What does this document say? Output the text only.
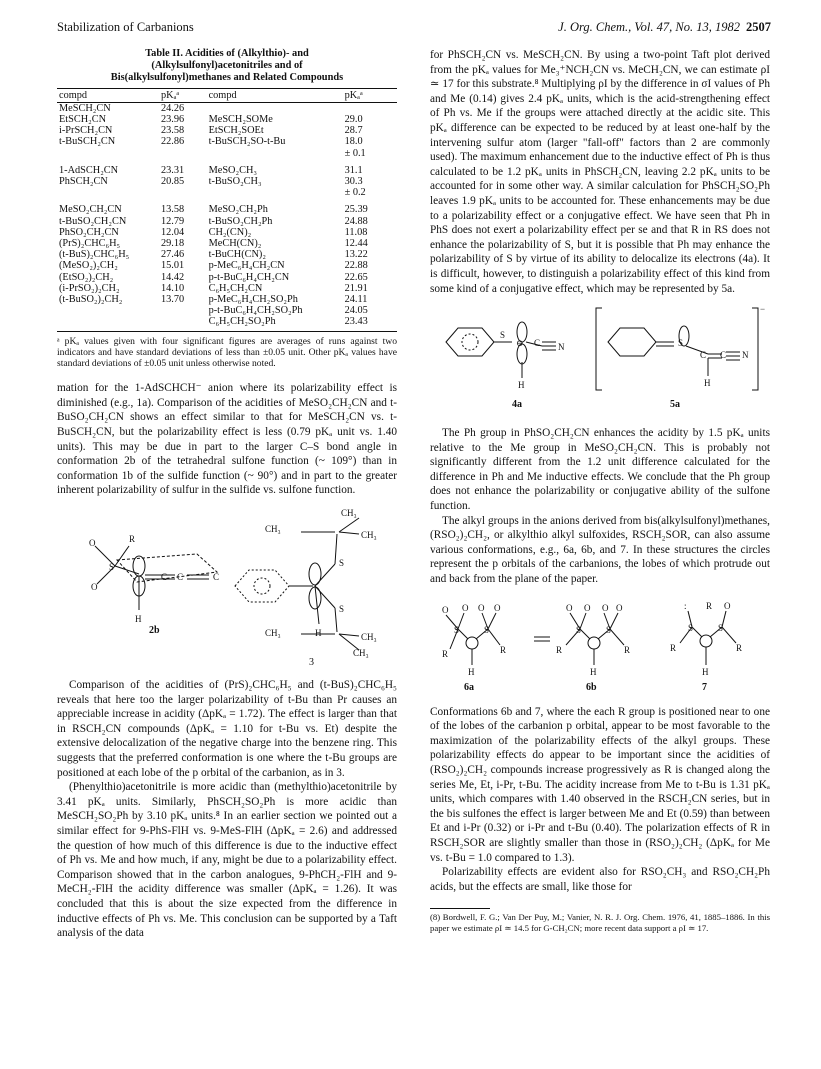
Stabilization of Carbanions	J. Org. Chem., Vol. 47, No. 13, 1982 2507
Table II. Acidities of (Alkylthio)- and
(Alkylsulfonyl)acetonitriles and of
Bis(alkylsulfonyl)methanes and Related Compounds
compd	pKₐᵃ	compd	pKₐᵃ
MeSCH₂CN	24.26		
EtSCH₂CN	23.96	MeSCH₂SOMe	29.0
i-PrSCH₂CN	23.58	EtSCH₂SOEt	28.7
t-BuSCH₂CN	22.86	t-BuSCH₂SO-t-Bu	18.0
			± 0.1
1-AdSCH₂CN	23.31	MeSO₂CH₃	31.1
PhSCH₂CN	20.85	t-BuSO₂CH₃	30.3
			± 0.2
MeSO₂CH₂CN	13.58	MeSO₂CH₂Ph	25.39
t-BuSO₂CH₂CN	12.79	t-BuSO₂CH₂Ph	24.88
PhSO₂CH₂CN	12.04	CH₂(CN)₂	11.08
(PrS)₂CHC₆H₅	29.18	MeCH(CN)₂	12.44
(t-BuS)₂CHC₆H₅	27.46	t-BuCH(CN)₂	13.22
(MeSO₂)₂CH₂	15.01	p-MeC₆H₄CH₂CN	22.88
(EtSO₂)₂CH₂	14.42	p-t-BuC₆H₄CH₂CN	22.65
(i-PrSO₂)₂CH₂	14.10	C₆H₅CH₂CN	21.91
(t-BuSO₂)₂CH₂	13.70	p-MeC₆H₄CH₂SO₂Ph	24.11
		p-t-BuC₆H₄CH₂SO₂Ph	24.05
		C₆H₅CH₂SO₂Ph	23.43

ᵃ pKₐ values given with four significant figures are averages of runs against two indicators and have standard deviations of less than ±0.05 unit. Other pKₐ values have standard deviations of ±0.05 unit unless otherwise noted.

mation for the 1-AdSCHCH⁻ anion where its polarizability effect is diminished (e.g., 1a). Comparison of the acidities of MeSO₂CH₂CN and t-BuSO₂CH₂CN shows an effect similar to that for MeSCH₂CN vs. t-BuSCH₂CN, but the polarizability effect is less (0.79 pKₐ unit vs. 1.40 units). This may be due in part to the larger C–S bond angle in conformation 2b of the tetrahedral sulfone function (~ 109°) than in conformation 1b of the sulfide function (~ 90°) and in part to the greater inherent polarizability of sulfur in the sulfide vs. sulfone function.

O	R
S
O
C	C
C
H
CH₃
CH₃
CH₃
S
S
H
CH₃	CH₃
CH₃
2b
3

Comparison of the acidities of (PrS)₂CHC₆H₅ and (t-BuS)₂CHC₆H₅ reveals that here too the larger polarizability of t-Bu than Pr causes an appreciable increase in acidity (ΔpKₐ = 1.72). The effect is larger than that in RSCH₂CN compounds (ΔpKₐ = 1.10 for t-Bu vs. Et) despite the extensive delocalization of the negative charge into the benzene ring. This suggests that the preferred conformation is one where the t-Bu groups are positioned at each lobe of the p orbital of the carbanion, as in 3.

(Phenylthio)acetonitrile is more acidic than (methylthio)acetonitrile by 3.41 pKₐ units. Similarly, PhSCH₂SO₂Ph is more acidic than MeSCH₂SO₂Ph by 3.10 pKₐ units.⁸ In an earlier section we pointed out a similar effect for 9-PhS-FlH vs. 9-MeS-FlH (ΔpKₐ = 2.6) and addressed the question of how much of this difference is due to the inductive effect of Ph vs. Me and how much, if any, might be due to a polarizability effect. Comparison showed that in the carbon analogues, 9-PhCH₂-FlH and 9-MeCH₂-FlH the acidity difference was smaller (ΔpKₐ = 1.26). It was concluded that this is about the size expected from the difference in inductive effects of Ph vs. Me. This conclusion can be supported by a Taft analysis of the data

for PhSCH₂CN vs. MeSCH₂CN. By using a two-point Taft plot derived from the pKₐ values for Me₃⁺NCH₂CN vs. MeCH₂CN, we can estimate ρI ≃ 17 for this substrate.⁸ Multiplying ρI by the difference in σI values of Ph and Me (0.14) gives 2.4 pKₐ units, which is the acid-strengthening effect of Ph vs. Me if the groups were attached directly at the acidic site. This pKₐ difference can be expected to be reduced by at least one-half by the intervening sulfur atom (larger "fall-off" factors than 2 are commonly used). The maximum enhancement due to the inductive effect of Ph is thus calculated to be 1.2 pKₐ units in PhSCH₂CN, leaving 2.2 pKₐ units to be accounted for in some other way. A similar calculation for PhSCH₂SO₂Ph leaves 1.9 pKₐ units to be accounted for. These enhancements may be due to a polarizability effect or a conjugative effect. We have seen that Ph in PhS does not exert a polarizability effect per se and that R in RS does not enhance the polarizability of S, but it is possible that Ph may enhance the polarizability of S by virtue of its ability to delocalize its electrons (4a). It is difficult, however, to distinguish a polarizability effect of this kind from some kind of a conjugative effect, which may be represented by 5a.

S
⊖ C N
H
S
C C N
H
−
4a	5a

The Ph group in PhSO₂CH₂CN enhances the acidity by 1.5 pKₐ units relative to the Me group in MeSO₂CH₂CN. This is probably not significantly different from the 1.2 unit difference calculated for the difference in Ph and Me inductive effects. We conclude that the Ph group does not enhance the polarizability or conjugative ability of the sulfone function.

The alkyl groups in the anions derived from bis(alkylsulfonyl)methanes, (RSO₂)₂CH₂, or alkylthio alkyl sulfoxides, RSCH₂SOR, can also assume various conformations, e.g., 6a, 6b, and 7. In these structures the circles represent the p orbitals of the carbanions, the lobes of which protrude out and back from the plane of the paper.

O O
S
R
O O
S
R
H
O O
S
R
O O
S
R
H
: R O
S
R
S
R
H
6a	6b	7

Conformations 6b and 7, where the each R group is positioned near to one of the lobes of the carbanion p orbital, appear to be most favorable to the maximization of the polarizability effects of the alkyl groups. These polarizability effects do appear to be important since the acidities of (RSO₂)₂CH₂ compounds increase progressively as R is changed along the series Me, Et, i-Pr, t-Bu. The acidity increase from Me to t-Bu is 1.31 pKₐ units, which compares with 1.40 observed in the RSCH₂CN series, but in the bis sulfones the effect is larger between Me and Et (0.59) than between Et and i-Pr (0.32) or i-Pr and t-Bu (0.40). The polarization effects of R in RSCH₂SOR are slightly smaller than those in (RSO₂)₂CH₂ (ΔpKₐ for Me vs. t-Bu = 1.0 compared to 1.3).

Polarizability effects are evident also for RSO₂CH₃ and RSO₂CH₂Ph acids, but the effects are small, like those for

(8) Bordwell, F. G.; Van Der Puy, M.; Vanier, N. R. J. Org. Chem. 1976, 41, 1885–1886. In this paper we estimate ρI ≃ 14.5 for G-CH₂CN; more recent data support a ρI ≃ 17.
